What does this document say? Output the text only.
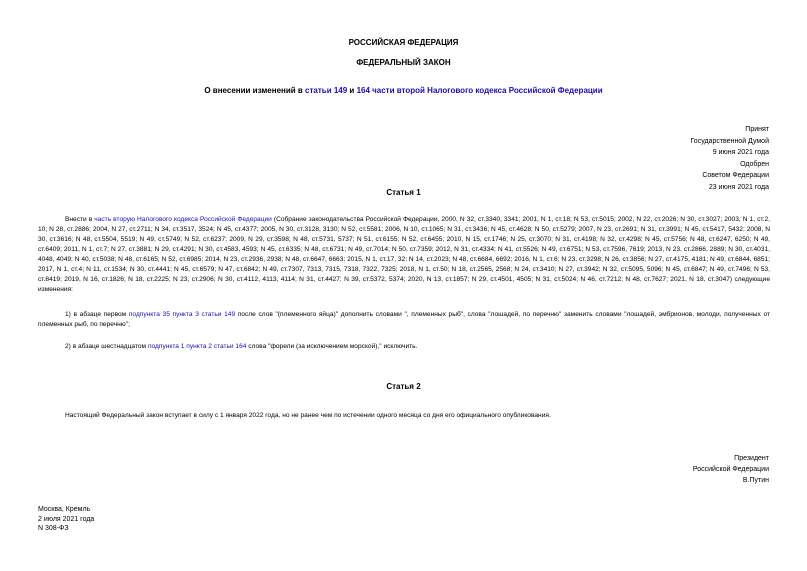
РОССИЙСКАЯ ФЕДЕРАЦИЯ
ФЕДЕРАЛЬНЫЙ ЗАКОН
О внесении изменений в статьи 149 и 164 части второй Налогового кодекса Российской Федерации
Принят
Государственной Думой
9 июня 2021 года
Одобрен
Советом Федерации
23 июня 2021 года
Статья 1
Внести в часть вторую Налогового кодекса Российской Федерации (Собрание законодательства Российской Федерации, 2000, N 32, ст.3340, 3341; 2001, N 1, ст.18; N 53, ст.5015; 2002, N 22, ст.2026; N 30, ст.3027; 2003, N 1, ст.2, 10; N 28, ст.2886; 2004, N 27, ст.2711; N 34, ст.3517, 3524; N 45, ст.4377; 2005, N 30, ст.3128, 3130; N 52, ст.5581; 2006, N 10, ст.1065; N 31, ст.3436; N 45, ст.4628; N 50, ст.5279; 2007, N 23, ст.2691; N 31, ст.3991; N 45, ст.5417, 5432; 2008, N 30, ст.3616; N 48, ст.5504, 5519; N 49, ст.5749; N 52, ст.6237; 2009, N 29, ст.3598; N 48, ст.5731, 5737; N 51, ст.6155; N 52, ст.6455; 2010, N 15, ст.1746; N 25, ст.3070; N 31, ст.4198; N 32, ст.4298; N 45, ст.5756; N 48, ст.6247, 6250; N 49, ст.6409; 2011, N 1, ст.7; N 27, ст.3881; N 29, ст.4291; N 30, ст.4583, 4593; N 45, ст.6335; N 48, ст.6731; N 49, ст.7014; N 50, ст.7359; 2012, N 31, ст.4334; N 41, ст.5526; N 49, ст.6751; N 53, ст.7596, 7619; 2013, N 23, ст.2866, 2889; N 30, ст.4031, 4048, 4049; N 40, ст.5038; N 48, ст.6165; N 52, ст.6985; 2014, N 23, ст.2936, 2938; N 48, ст.6647, 6663; 2015, N 1, ст.17, 32; N 14, ст.2023; N 48, ст.6684, 6692; 2016, N 1, ст.6; N 23, ст.3298; N 26, ст.3856; N 27, ст.4175, 4181; N 49, ст.6844, 6851; 2017, N 1, ст.4; N 11, ст.1534; N 30, ст.4441; N 45, ст.6579; N 47, ст.6842; N 49, ст.7307, 7313, 7315, 7318, 7322, 7325; 2018, N 1, ст.50; N 18, ст.2565, 2568; N 24, ст.3410; N 27, ст.3942; N 32, ст.5095, 5096; N 45, ст.6847; N 49, ст.7496; N 53, ст.8419; 2019, N 16, ст.1826; N 18, ст.2225; N 23, ст.2906; N 30, ст.4112, 4113, 4114; N 31, ст.4427; N 39, ст.5372, 5374; 2020, N 13, ст.1857; N 29, ст.4501, 4505; N 31, ст.5024; N 46, ст.7212; N 48, ст.7627; 2021, N 18, ст.3047) следующие изменения:
1) в абзаце первом подпункта 35 пункта 3 статьи 149 после слов "(племенного яйца)" дополнить словами ", племенных рыб", слова "лошадей, по перечню" заменить словами "лошадей, эмбрионов, молоди, полученных от племенных рыб, по перечню";
2) в абзаце шестнадцатом подпункта 1 пункта 2 статьи 164 слова "форели (за исключением морской)," исключить.
Статья 2
Настоящий Федеральный закон вступает в силу с 1 января 2022 года, но не ранее чем по истечении одного месяца со дня его официального опубликования.
Президент
Российской Федерации
В.Путин
Москва, Кремль
2 июля 2021 года
N 308-ФЗ
